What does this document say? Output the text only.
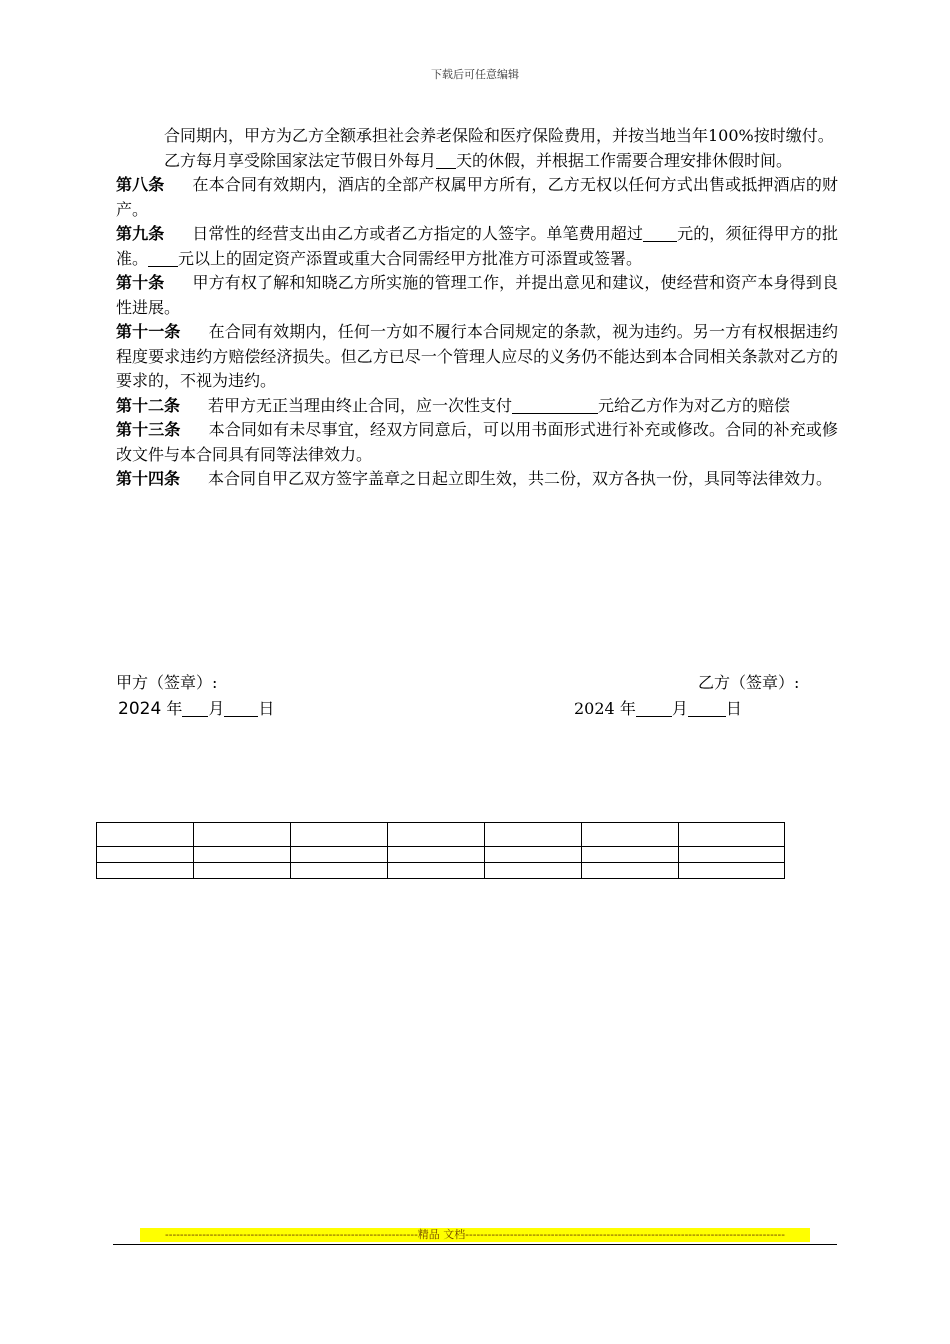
下载后可任意编辑

合同期内，甲方为乙方全额承担社会养老保险和医疗保险费用，并按当地当年100%按时缴付。

乙方每月享受除国家法定节假日外每月 天的休假，并根据工作需要合理安排休假时间。

第八条 在本合同有效期内，酒店的全部产权属甲方所有，乙方无权以任何方式出售或抵押酒店的财产。

第九条 日常性的经营支出由乙方或者乙方指定的人签字。单笔费用超过 元的，须征得甲方的批准。 元以上的固定资产添置或重大合同需经甲方批准方可添置或签署。

第十条 甲方有权了解和知晓乙方所实施的管理工作，并提出意见和建议，使经营和资产本身得到良性进展。

第十一条 在合同有效期内，任何一方如不履行本合同规定的条款，视为违约。另一方有权根据违约程度要求违约方赔偿经济损失。但乙方已尽一个管理人应尽的义务仍不能达到本合同相关条款对乙方的要求的，不视为违约。

第十二条 若甲方无正当理由终止合同，应一次性支付	元给乙方作为对乙方的赔偿

第十三条 本合同如有未尽事宜，经双方同意后，可以用书面形式进行补充或修改。合同的补充或修改文件与本合同具有同等法律效力。

第十四条 本合同自甲乙双方签字盖章之日起立即生效，共二份，双方各执一份，具同等法律效力。

甲方（签章）:	乙方（签章）:
2024 年 月 日	2024 年 月 日

--------------------------------------------------------------------精品 文档--------------------------------------------------------------------------------------
